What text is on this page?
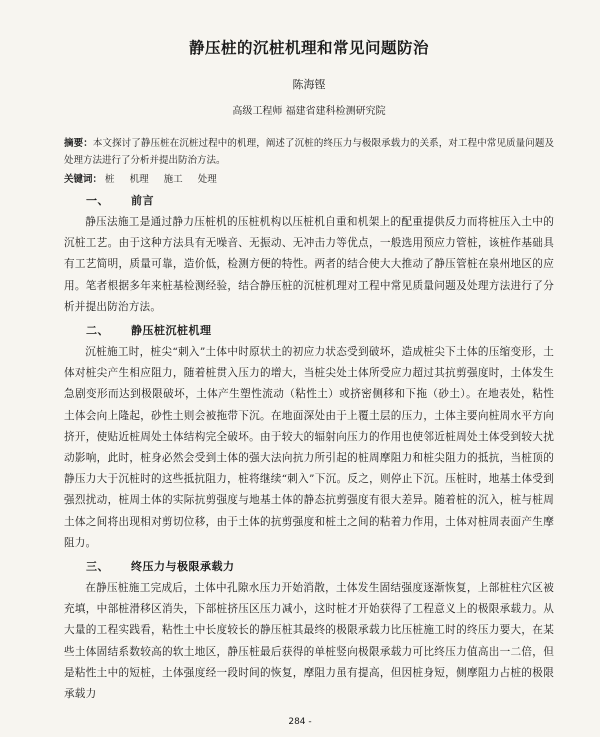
静压桩的沉桩机理和常见问题防治
陈海铿
高级工程师 福建省建科检测研究院

摘要：本文探讨了静压桩在沉桩过程中的机理，阐述了沉桩的终压力与极限承载力的关系，对工程中常见质量问题及处理方法进行了分析并提出防治方法。

关键词： 桩 机理 施工 处理

一、 前言

静压法施工是通过静力压桩机的压桩机构以压桩机自重和机架上的配重提供反力而将桩压入土中的沉桩工艺。由于这种方法具有无噪音、无振动、无冲击力等优点，一般选用预应力管桩，该桩作基础具有工艺简明，质量可靠，造价低，检测方便的特性。两者的结合使大大推动了静压管桩在泉州地区的应用。笔者根据多年来桩基检测经验，结合静压桩的沉桩机理对工程中常见质量问题及处理方法进行了分析并提出防治方法。

二、 静压桩沉桩机理

沉桩施工时，桩尖“刺入”土体中时原状土的初应力状态受到破坏，造成桩尖下土体的压缩变形，土体对桩尖产生相应阻力，随着桩贯入压力的增大，当桩尖处土体所受应力超过其抗剪强度时，土体发生急剧变形而达到极限破坏，土体产生塑性流动（粘性土）或挤密侧移和下拖（砂土）。在地表处，粘性土体会向上隆起，砂性土则会被拖带下沉。在地面深处由于上覆土层的压力，土体主要向桩周水平方向挤开，使贴近桩周处土体结构完全破坏。由于较大的辐射向压力的作用也使邻近桩周处土体受到较大扰动影响，此时，桩身必然会受到土体的强大法向抗力所引起的桩周摩阻力和桩尖阻力的抵抗，当桩顶的静压力大于沉桩时的这些抵抗阻力，桩将继续“刺入”下沉。反之，则停止下沉。压桩时，地基土体受到强烈扰动，桩周土体的实际抗剪强度与地基土体的静态抗剪强度有很大差异。随着桩的沉入，桩与桩周土体之间将出现相对剪切位移，由于土体的抗剪强度和桩土之间的粘着力作用，土体对桩周表面产生摩阻力。

三、 终压力与极限承载力

在静压桩施工完成后，土体中孔隙水压力开始消散，土体发生固结强度逐渐恢复，上部桩柱穴区被充填，中部桩滑移区消失，下部桩挤压区压力减小，这时桩才开始获得了工程意义上的极限承载力。从大量的工程实践看，粘性土中长度较长的静压桩其最终的极限承载力比压桩施工时的终压力要大，在某些土体固结系数较高的软土地区，静压桩最后获得的单桩竖向极限承载力可比终压力值高出一二倍，但是粘性土中的短桩，土体强度经一段时间的恢复，摩阻力虽有提高，但因桩身短，侧摩阻力占桩的极限承载力

284 -
